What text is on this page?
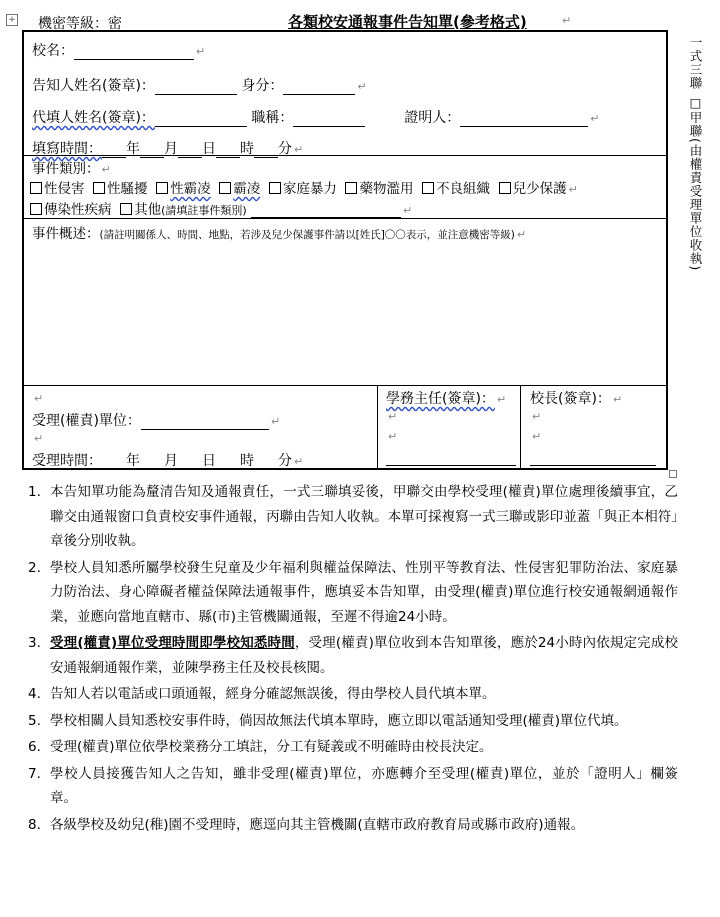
+ 機密等級：密	各類校安通報事件告知單(參考格式)	↵
一式三聯 □甲聯(由權責受理單位收執)
校名：	↵
告知人姓名(簽章)：	身分：	↵
代填人姓名(簽章)：	職稱：	證明人：	↵
填寫時間： 年 月 日 時 分 ↵
事件類別： ↵
性侵害 性騷擾 性霸凌 霸凌 家庭暴力 藥物濫用 不良組織 兒少保護 ↵
傳染性疾病 其他(請填註事件類別)	↵
事件概述：(請註明關係人、時間、地點，若涉及兒少保護事件請以[姓氏]〇〇表示，並注意機密等級) ↵
↵
受理(權責)單位：	↵
↵
受理時間： 年 月 日 時 分 ↵
學務主任(簽章)： ↵
↵
↵
校長(簽章)： ↵
↵
↵
1. 本告知單功能為釐清告知及通報責任，一式三聯填妥後，甲聯交由學校受理(權責)單位處理後續事宜，乙聯交由通報窗口負責校安事件通報，丙聯由告知人收執。本單可採複寫一式三聯或影印並蓋「與正本相符」章後分別收執。
2. 學校人員知悉所屬學校發生兒童及少年福利與權益保障法、性別平等教育法、性侵害犯罪防治法、家庭暴力防治法、身心障礙者權益保障法通報事件，應填妥本告知單，由受理(權責)單位進行校安通報網通報作業，並應向當地直轄市、縣(市)主管機關通報，至遲不得逾24小時。
3. 受理(權責)單位受理時間即學校知悉時間，受理(權責)單位收到本告知單後，應於24小時內依規定完成校安通報網通報作業，並陳學務主任及校長核閱。
4. 告知人若以電話或口頭通報，經身分確認無誤後，得由學校人員代填本單。
5. 學校相關人員知悉校安事件時，倘因故無法代填本單時，應立即以電話通知受理(權責)單位代填。
6. 受理(權責)單位依學校業務分工填註，分工有疑義或不明確時由校長決定。
7. 學校人員接獲告知人之告知，雖非受理(權責)單位，亦應轉介至受理(權責)單位，並於「證明人」欄簽章。
8. 各級學校及幼兒(稚)園不受理時，應逕向其主管機關(直轄市政府教育局或縣市政府)通報。
